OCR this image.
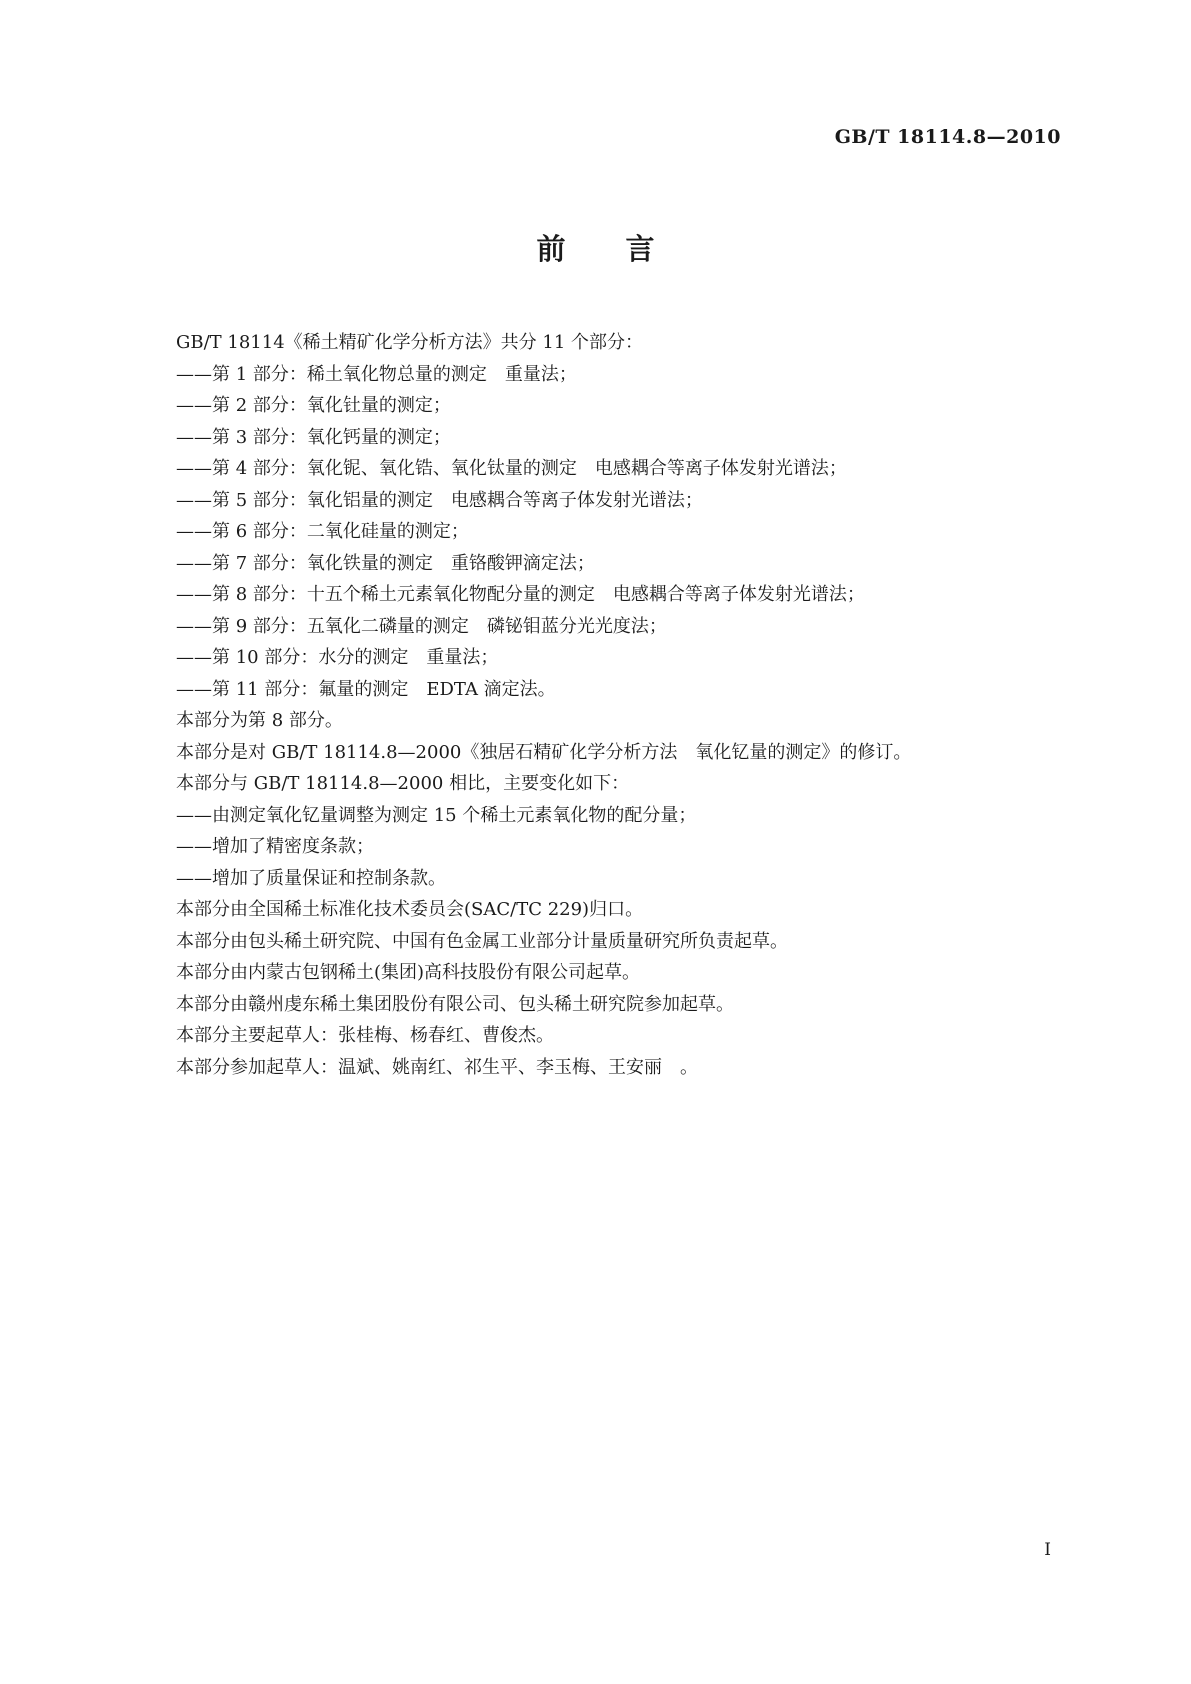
GB/T 18114.8—2010
前言
GB/T 18114《稀土精矿化学分析方法》共分 11 个部分：
——第 1 部分：稀土氧化物总量的测定　重量法；
——第 2 部分：氧化钍量的测定；
——第 3 部分：氧化钙量的测定；
——第 4 部分：氧化铌、氧化锆、氧化钛量的测定　电感耦合等离子体发射光谱法；
——第 5 部分：氧化铝量的测定　电感耦合等离子体发射光谱法；
——第 6 部分：二氧化硅量的测定；
——第 7 部分：氧化铁量的测定　重铬酸钾滴定法；
——第 8 部分：十五个稀土元素氧化物配分量的测定　电感耦合等离子体发射光谱法；
——第 9 部分：五氧化二磷量的测定　磷铋钼蓝分光光度法；
——第 10 部分：水分的测定　重量法；
——第 11 部分：氟量的测定　EDTA 滴定法。
本部分为第 8 部分。
本部分是对 GB/T 18114.8—2000《独居石精矿化学分析方法　氧化钇量的测定》的修订。
本部分与 GB/T 18114.8—2000 相比，主要变化如下：
——由测定氧化钇量调整为测定 15 个稀土元素氧化物的配分量；
——增加了精密度条款；
——增加了质量保证和控制条款。
本部分由全国稀土标准化技术委员会(SAC/TC 229)归口。
本部分由包头稀土研究院、中国有色金属工业部分计量质量研究所负责起草。
本部分由内蒙古包钢稀土(集团)高科技股份有限公司起草。
本部分由赣州虔东稀土集团股份有限公司、包头稀土研究院参加起草。
本部分主要起草人：张桂梅、杨春红、曹俊杰。
本部分参加起草人：温斌、姚南红、祁生平、李玉梅、王安丽　。
I
